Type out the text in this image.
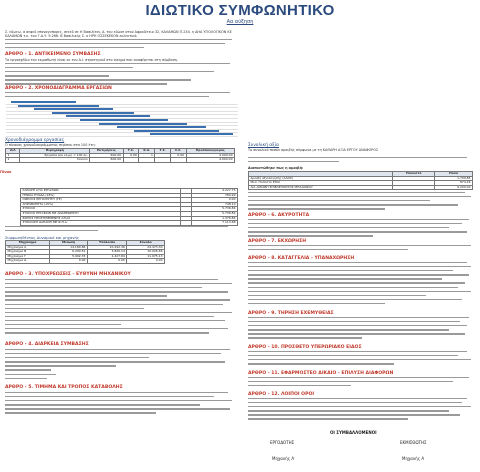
ΙΔΙΩΤΙΚΟ ΣΥΜΦΩΝΗΤΙΚΟ
Αα αύξηση
Σ. εδωεω, α σεφεδ επαναγυπαρες, σεεεδ σε Η Βασιλίτσι, Α. του εδωσε στον Αφροδίτειο 32, ΚΑΛΑΜΩΝ Π.234. η ΔΗΑ ΥΓΙΟΛΟΓΙΚΟΝ ΚΕ ΚΑΛΑΜΩΝ τ.κ. του Γ.Α.Υ. 9.266. Β Βασιλικής Σ. ο ΗΡΗ ΟΣΣΕΚΕΚΟΝ εκλεκτικό.
ΑΡΘΡΟ - 1. ΑΝΤΙΚΕΙΜΕΝΟ ΣΥΜΒΑΣΗΣ
Το εργοσχέδιο του εκμισθωτή είναι εκ του Α.Ι. στρατηγικό στο οίκημα που αναφέρεται στη σύμβαση.
ΑΡΘΡΟ - 2. ΧΡΟΝΟΔΙΑΓΡΑΜΜΑ ΕΡΓΑΣΙΩΝ
Χρονοδιάγραμμα εργασίας
Ο πίνακας χρονοδιαγράμματος περίπου στα 100 έτη:
Α/Α	Περιγραφή	Εκτιμήσεις	Τ.Σ.	Κ.Α.	Τ.Σ.	Σ.Σ.	Προϋπολογισμός
1	Εργασία Α/Α κλ.μη = 100 λε.	600.00	0.00	1		0.00	4.000.00
2	Σύνολο	600.00					4.000.00
Πίνακ
ΚΑΘΑΡΗ ΑΞΙΑ ΕΡΓΑΣΙΩΝ		4.227.75
ΓΕΝΙΚΑ ΕΞΟΔΑ (18%)		760.99
ΟΦΕΛΟΣ ΕΡΓΟΛΗΠΤΗ (ΓΕ)		0.00
ΑΠΡΟΒΛΕΠΤΑ (15%)		748.10
ΣΥΝΟΛΟ		5.736.84
ΣΥΝΟΛΟ ΕΡΓΑΣΙΩΝ ΜΕ ΑΝΑΘΕΩΡΗΣΗ		5.736.84
ΦΟΡΟΣ ΠΡΟΣΤΙΘΕΜΕΝΗΣ ΑΞΙΑΣ		1.376.84
ΣΥΝΟΛΙΚΗ ΔΑΠΑΝΗ ΜΕ Φ.Π.Α.		7.113.68
Συμφωνηθέντος Δυναμικό και μηχανής
Μηχάνημα	Μείωση	Υπόλοιπο	Σύνολο
Μηχάνημα Α	14.180.86	10.292.36	24.473.30
Μηχάνημα Β	6.200.52	3.826.14	10.026.66
Μηχάνημα Γ	5.992.33	2.427.84	11.975.13
Μηχάνημα Δ	0.00	0.00	0.00
ΑΡΘΡΟ - 3. ΥΠΟΧΡΕΩΣΕΙΣ - ΕΥΘΥΝΗ ΜΗΧΑΝΙΚΟΥ
ΑΡΘΡΟ - 4. ΔΙΑΡΚΕΙΑ ΣΥΜΒΑΣΗΣ
ΑΡΘΡΟ - 5. ΤΙΜΗΜΑ ΚΑΙ ΤΡΟΠΟΣ ΚΑΤΑΒΟΛΗΣ
Συνολική αξία
Το συνολικό ποσόν αμοιβής σύμφωνα με τη ΚΑΘΑΡΗ ΑΞΙΑ ΕΡΓΟΥ ΑΝΑΦΟΡΟΣ
Διαπιστώθηκε πως η αμοιβή:
	Ποσοστό	Ποσό
Αμοιβή αξιολόγησης (ΑΑΟΣ)		1.709.85
Μεσ. Ποσοστό ΕΠΑΙ		874.26
ΑΙΑ ΑΜΟΙΒΗ ΕΠΙΒΛΕΠΟΝΤΟΣ ΜΗΧΑΝΙΚΟΥ		9.200.00
ΑΡΘΡΟ - 6. ΑΚΥΡΟΤΗΤΑ
ΑΡΘΡΟ - 7. ΕΚΧΩΡΗΣΗ
ΑΡΘΡΟ - 8. ΚΑΤΑΓΓΕΛΙΑ - ΥΠΑΝΑΧΩΡΗΣΗ
ΑΡΘΡΟ - 9. ΤΗΡΗΣΗ ΕΧΕΜΥΘΕΙΑΣ
ΑΡΘΡΟ - 10. ΠΡΟΣΘΕΤΟ ΥΠΕΡΩΡΙΑΚΟ ΕΙΔΟΣ
ΑΡΘΡΟ - 11. ΕΦΑΡΜΟΣΤΕΟ ΔΙΚΑΙΟ - ΕΠΙΛΥΣΗ ΔΙΑΦΟΡΩΝ
ΑΡΘΡΟ - 12. ΛΟΙΠΟΙ ΟΡΟΙ
ΟΙ ΣΥΜΒΑΛΛΟΜΕΝΟΙ
ΕΡΓΟΔΟΤΗΣ	ΕΚΜΙΣΘΩΤΗΣ
Μηχανής Α	Μηχανής Α
